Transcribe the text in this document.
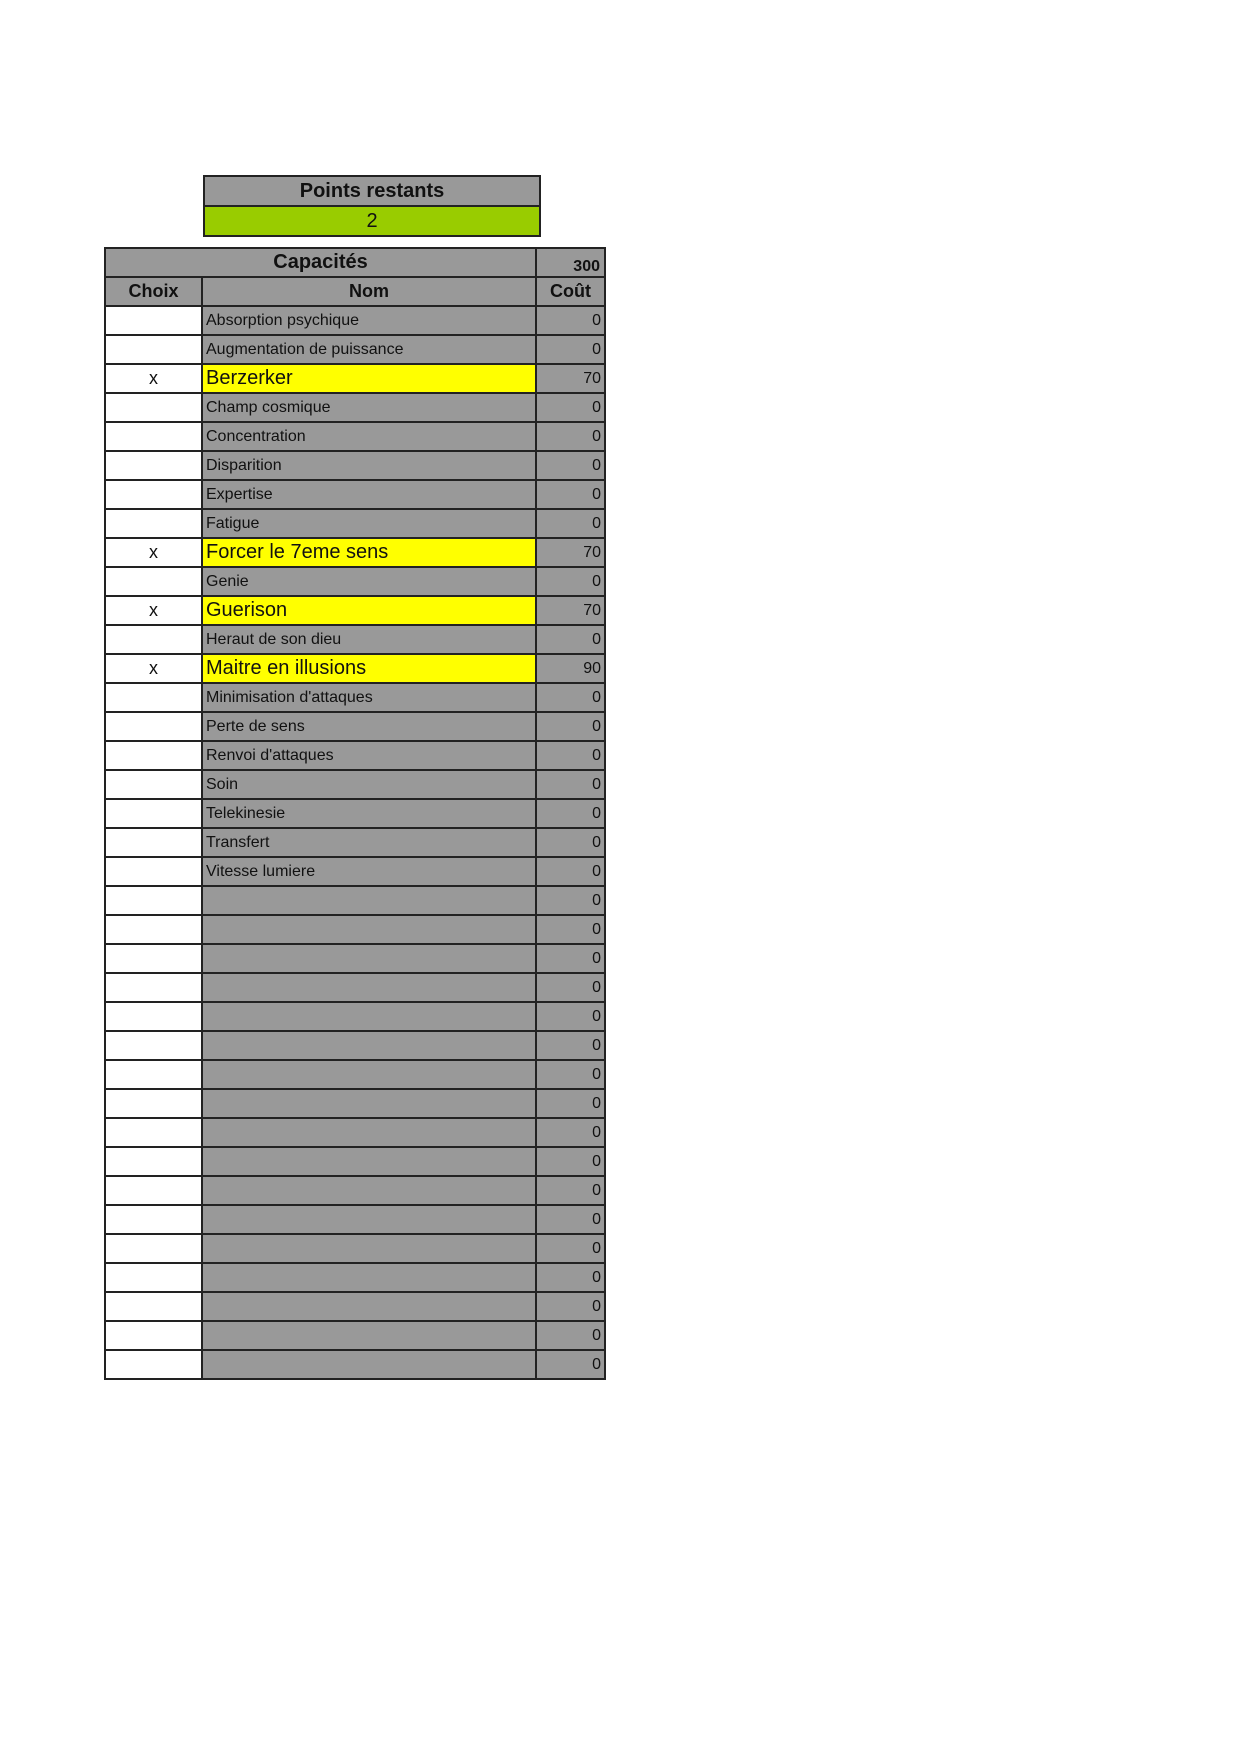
Points restants
2
Capacités		300
Choix	Nom	Coût
	Absorption psychique	0
	Augmentation de puissance	0
x	Berzerker	70
	Champ cosmique	0
	Concentration	0
	Disparition	0
	Expertise	0
	Fatigue	0
x	Forcer le 7eme sens	70
	Genie	0
x	Guerison	70
	Heraut de son dieu	0
x	Maitre en illusions	90
	Minimisation d'attaques	0
	Perte de sens	0
	Renvoi d'attaques	0
	Soin	0
	Telekinesie	0
	Transfert	0
	Vitesse lumiere	0
		0
		0
		0
		0
		0
		0
		0
		0
		0
		0
		0
		0
		0
		0
		0
		0
		0
